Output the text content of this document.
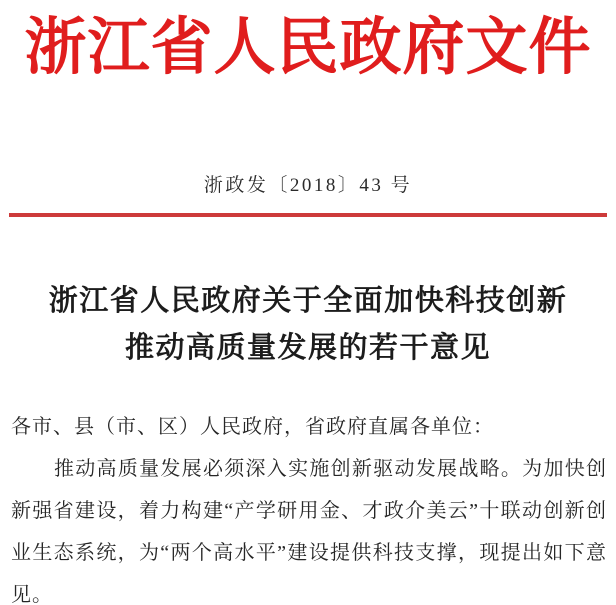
浙江省人民政府文件
浙政发〔2018〕43 号
浙江省人民政府关于全面加快科技创新
推动高质量发展的若干意见
各市、县（市、区）人民政府，省政府直属各单位：
推动高质量发展必须深入实施创新驱动发展战略。为加快创
新强省建设，着力构建“产学研用金、才政介美云”十联动创新创
业生态系统，为“两个高水平”建设提供科技支撑，现提出如下意
见。
